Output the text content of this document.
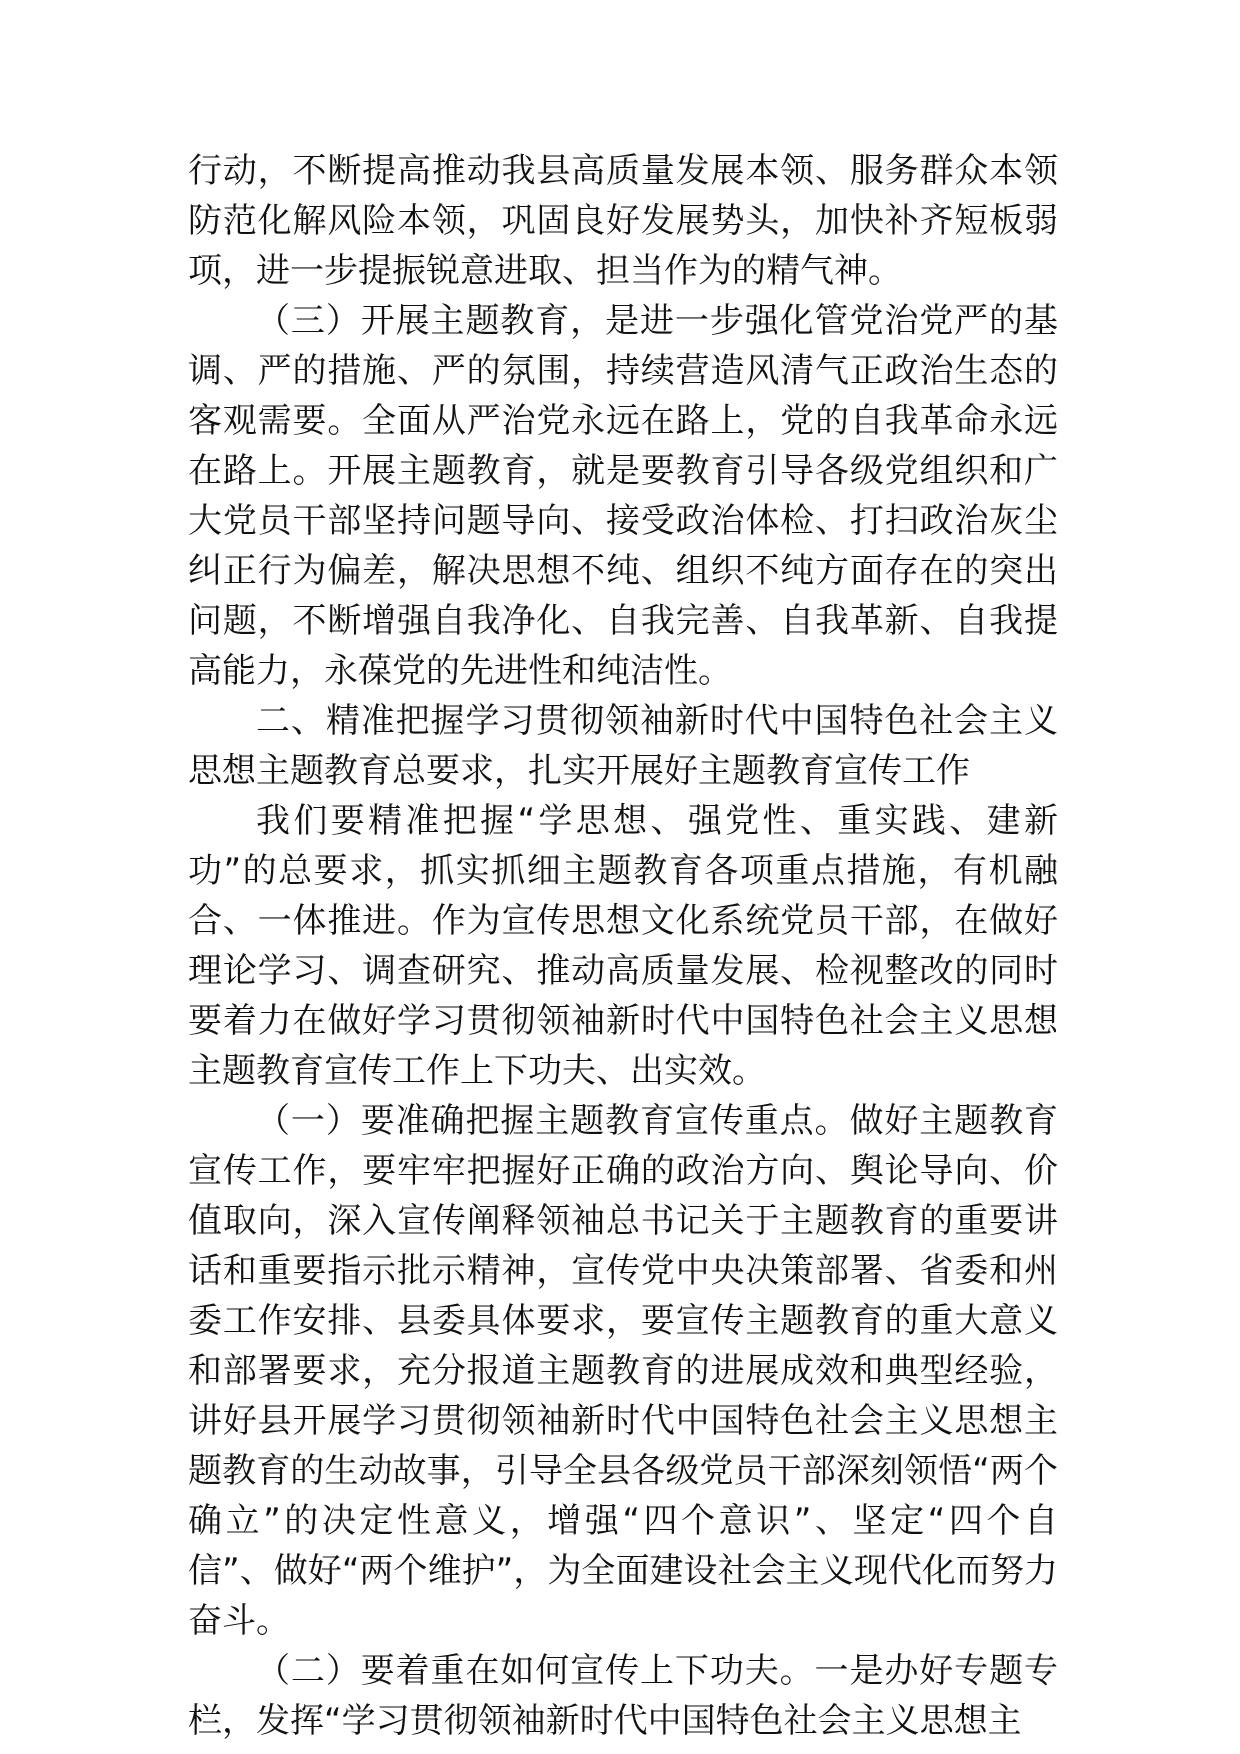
行动，不断提高推动我县高质量发展本领、服务群众本领防范化解风险本领，巩固良好发展势头，加快补齐短板弱项，进一步提振锐意进取、担当作为的精气神。

（三）开展主题教育，是进一步强化管党治党严的基调、严的措施、严的氛围，持续营造风清气正政治生态的客观需要。全面从严治党永远在路上，党的自我革命永远在路上。开展主题教育，就是要教育引导各级党组织和广大党员干部坚持问题导向、接受政治体检、打扫政治灰尘纠正行为偏差，解决思想不纯、组织不纯方面存在的突出问题，不断增强自我净化、自我完善、自我革新、自我提高能力，永葆党的先进性和纯洁性。

二、精准把握学习贯彻领袖新时代中国特色社会主义思想主题教育总要求，扎实开展好主题教育宣传工作

我们要精准把握“学思想、强党性、重实践、建新功”的总要求，抓实抓细主题教育各项重点措施，有机融合、一体推进。作为宣传思想文化系统党员干部，在做好理论学习、调查研究、推动高质量发展、检视整改的同时要着力在做好学习贯彻领袖新时代中国特色社会主义思想主题教育宣传工作上下功夫、出实效。

（一）要准确把握主题教育宣传重点。做好主题教育宣传工作，要牢牢把握好正确的政治方向、舆论导向、价值取向，深入宣传阐释领袖总书记关于主题教育的重要讲话和重要指示批示精神，宣传党中央决策部署、省委和州委工作安排、县委具体要求，要宣传主题教育的重大意义和部署要求，充分报道主题教育的进展成效和典型经验，讲好县开展学习贯彻领袖新时代中国特色社会主义思想主题教育的生动故事，引导全县各级党员干部深刻领悟“两个确立”的决定性意义，增强“四个意识”、坚定“四个自信”、做好“两个维护”，为全面建设社会主义现代化而努力奋斗。

（二）要着重在如何宣传上下功夫。一是办好专题专栏，发挥“学习贯彻领袖新时代中国特色社会主义思想主
